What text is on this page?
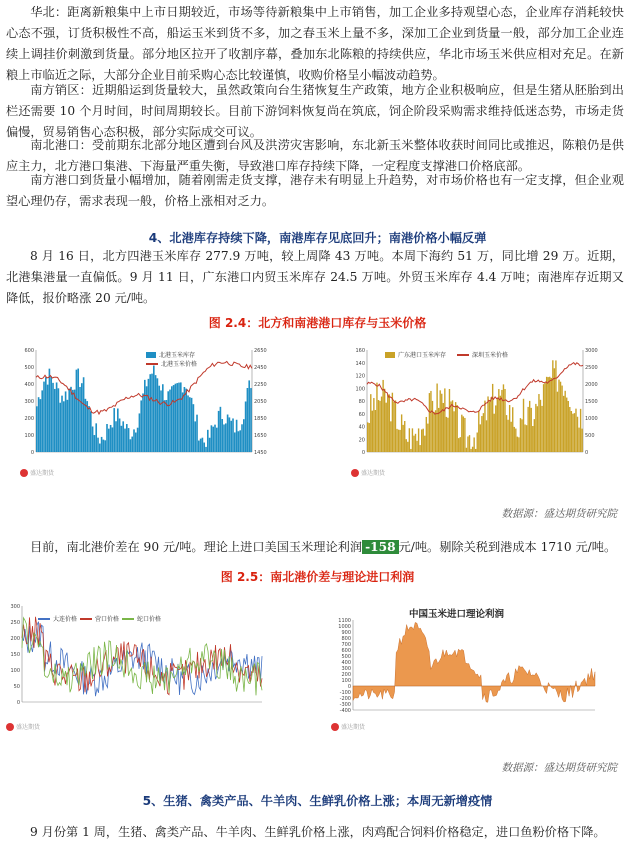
华北：距离新粮集中上市日期较近，市场等待新粮集中上市销售，加工企业多持观望心态，企业库存消耗较快心态不强，订货积极性不高，船运玉米到货不多，加之春玉米上量不多，深加工企业到货量一般，部分加工企业连续上调挂价刺激到货量。部分地区拉开了收割序幕，叠加东北陈粮的持续供应，华北市场玉米供应相对充足。在新粮上市临近之际，大部分企业目前采购心态比较谨慎，收购价格呈小幅波动趋势。

南方销区：近期船运到货量较大，虽然政策向台生猪恢复生产政策，地方企业积极响应，但是生猪从胚胎到出栏还需要 10 个月时间，时间周期较长。目前下游饲料恢复尚在筑底，饲企阶段采购需求维持低迷态势，市场走货偏慢，贸易销售心态积极，部分实际成交可议。

南北港口：受前期东北部分地区遭到台风及洪涝灾害影响，东北新玉米整体收获时间同比或推迟，陈粮仍是供应主力，北方港口集港、下海量严重失衡，导致港口库存持续下降，一定程度支撑港口价格底部。

南方港口到货量小幅增加，随着刚需走货支撑，港存未有明显上升趋势，对市场价格也有一定支撑，但企业观望心理仍存，需求表现一般，价格上涨相对乏力。

4、北港库存持续下降，南港库存见底回升；南港价格小幅反弹

8 月 16 日，北方四港玉米库存 277.9 万吨，较上周降 43 万吨。本周下海约 51 万，同比增 29 万。近期，北港集港量一直偏低。9 月 11 日，广东港口内贸玉米库存 24.5 万吨。外贸玉米库存 4.4 万吨；南港库存近期又降低，报价略涨 20 元/吨。

图 2.4：北方和南港港口库存与玉米价格
0
100
200
300
400
500
600
1450
1650
1850
2050
2250
2450
2650
北港玉米库存
北港玉米价格
盛达期货
0
20
40
60
80
100
120
140
160
0
500
1000
1500
2000
2500
3000
广东港口玉米库存	深圳玉米价格
盛达期货
数据源：盛达期货研究院

目前，南北港价差在 90 元/吨。理论上进口美国玉米理论利润 -158 元/吨。剔除关税到港成本 1710 元/吨。

图 2.5：南北港价差与理论进口利润
0
50
100
150
200
250
300
大连价格	营口价格	蛇口价格
盛达期货
-400
-300
-200
-100
0
100
200
300
400
500
600
700
800
900
1000
1100
中国玉米进口理论利润
盛达期货
数据源：盛达期货研究院
5、生猪、禽类产品、牛羊肉、生鲜乳价格上涨；本周无新增疫情

9 月份第 1 周，生猪、禽类产品、牛羊肉、生鲜乳价格上涨，肉鸡配合饲料价格稳定，进口鱼粉价格下降。
